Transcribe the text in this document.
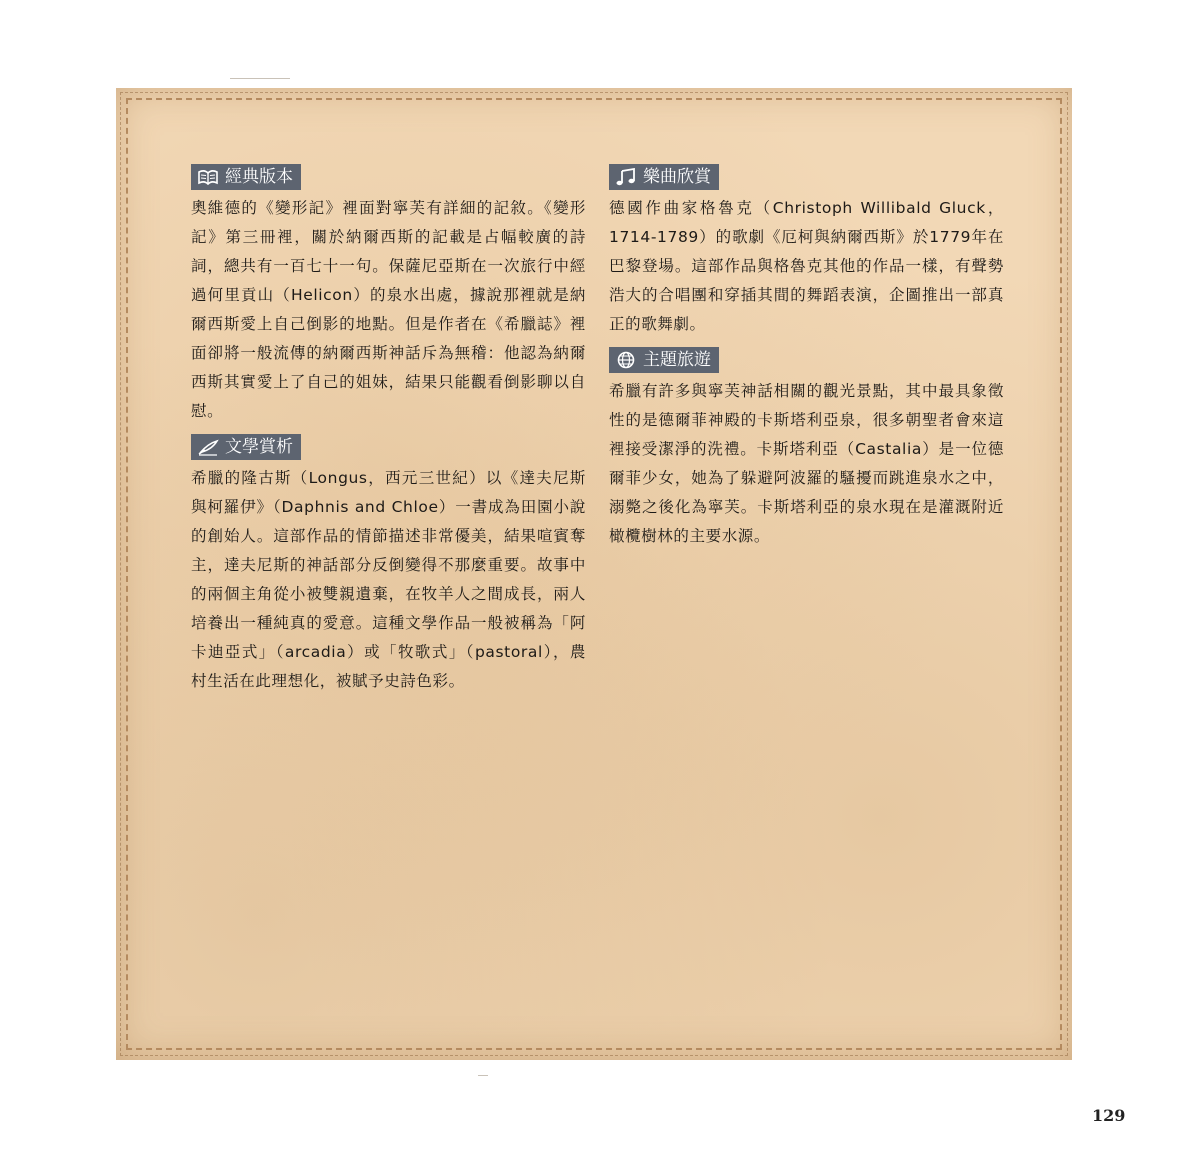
經典版本

奧維德的《變形記》裡面對寧芙有詳細的記敘。《變形記》第三冊裡，關於納爾西斯的記載是占幅較廣的詩詞，總共有一百七十一句。保薩尼亞斯在一次旅行中經過何里貢山（Helicon）的泉水出處，據說那裡就是納爾西斯愛上自己倒影的地點。但是作者在《希臘誌》裡面卻將一般流傳的納爾西斯神話斥為無稽：他認為納爾西斯其實愛上了自己的姐妹，結果只能觀看倒影聊以自慰。

文學賞析

希臘的隆古斯（Longus，西元三世紀）以《達夫尼斯與柯羅伊》（Daphnis and Chloe）一書成為田園小說的創始人。這部作品的情節描述非常優美，結果喧賓奪主，達夫尼斯的神話部分反倒變得不那麼重要。故事中的兩個主角從小被雙親遺棄，在牧羊人之間成長，兩人培養出一種純真的愛意。這種文學作品一般被稱為「阿卡迪亞式」（arcadia）或「牧歌式」（pastoral），農村生活在此理想化，被賦予史詩色彩。

樂曲欣賞

德國作曲家格魯克（Christoph Willibald Gluck，1714-1789）的歌劇《厄柯與納爾西斯》於1779年在巴黎登場。這部作品與格魯克其他的作品一樣，有聲勢浩大的合唱團和穿插其間的舞蹈表演，企圖推出一部真正的歌舞劇。

主題旅遊

希臘有許多與寧芙神話相關的觀光景點，其中最具象徵性的是德爾菲神殿的卡斯塔利亞泉，很多朝聖者會來這裡接受潔淨的洗禮。卡斯塔利亞（Castalia）是一位德爾菲少女，她為了躲避阿波羅的騷擾而跳進泉水之中，溺斃之後化為寧芙。卡斯塔利亞的泉水現在是灌溉附近橄欖樹林的主要水源。

129
